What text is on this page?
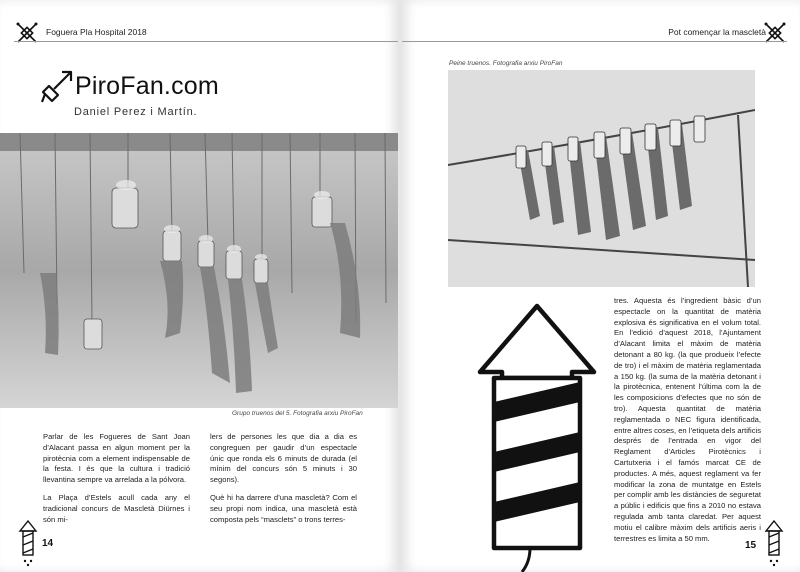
Foguera Pla Hospital 2018
PiroFan.com
Daniel Perez i Martín.
Grupo truenos del 5. Fotografia arxiu PiroFan

Parlar de les Fogueres de Sant Joan d’Alacant passa en algun moment per la pirotècnia com a element indispensable de la festa. I és que la cultura i tradició llevantina sempre va arrelada a la pólvora.

La Plaça d’Estels acull cada any el tradicional concurs de Mascletà Diürnes i són mi-

lers de persones les que dia a dia es congreguen per gaudir d’un espectacle únic que ronda els 6 minuts de durada (el mínim del concurs són 5 minuts i 30 segons).

Què hi ha darrere d’una mascletà? Com el seu propi nom indica, una mascletà està composta pels “masclets” o trons terres-

14
Pot començar la mascletà
Peine truenos. Fotografia arxiu PiroFan

tres. Aquesta és l’ingredient bàsic d’un espectacle on la quantitat de matèria explosiva és significativa en el volum total. En l’edició d’aquest 2018, l’Ajuntament d’Alacant limita el màxim de matèria detonant a 80 kg. (la que produeix l’efecte de tro) i el màxim de matèria reglamentada a 150 kg. (la suma de la matèria detonant i la pirotècnica, entenent l’última com la de les composicions d’efectes que no són de tro). Aquesta quantitat de matèria reglamentada o NEC figura identificada, entre altres coses, en l’etiqueta dels artificis després de l’entrada en vigor del Reglament d’Articles Pirotècnics i Cartutxeria i el famós marcat CE de productes. A més, aquest reglament va fer modificar la zona de muntatge en Estels per complir amb les distàncies de seguretat a públic i edificis que fins a 2010 no estava regulada amb tanta claredat. Per aquest motiu el calibre màxim dels artificis aeris i terrestres es limita a 50 mm.

15
